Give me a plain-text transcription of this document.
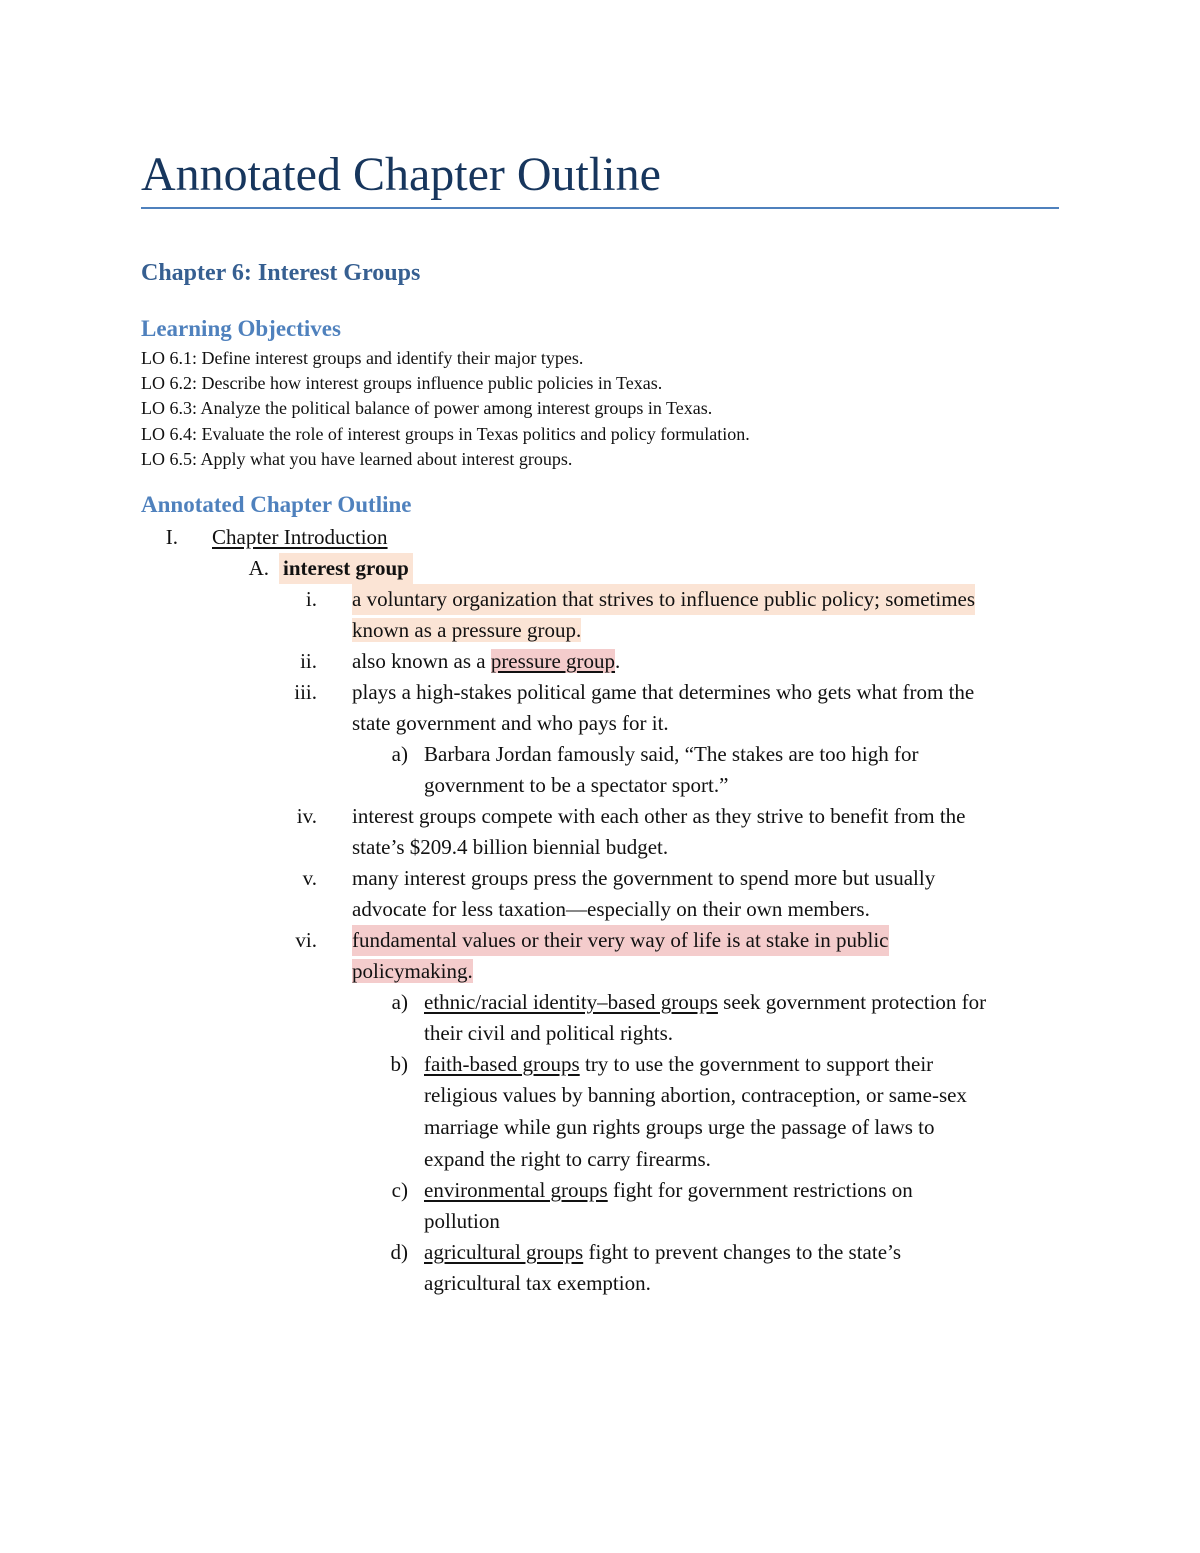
Annotated Chapter Outline
Chapter 6: Interest Groups
Learning Objectives
LO 6.1: Define interest groups and identify their major types.
LO 6.2: Describe how interest groups influence public policies in Texas.
LO 6.3: Analyze the political balance of power among interest groups in Texas.
LO 6.4: Evaluate the role of interest groups in Texas politics and policy formulation.
LO 6.5: Apply what you have learned about interest groups.
Annotated Chapter Outline
I. Chapter Introduction
A. interest group
i. a voluntary organization that strives to influence public policy; sometimes
known as a pressure group.
ii. also known as a pressure group.
iii. plays a high-stakes political game that determines who gets what from the
state government and who pays for it.
a) Barbara Jordan famously said, “The stakes are too high for
government to be a spectator sport.”
iv. interest groups compete with each other as they strive to benefit from the
state’s $209.4 billion biennial budget.
v. many interest groups press the government to spend more but usually
advocate for less taxation—especially on their own members.
vi. fundamental values or their very way of life is at stake in public
policymaking.
a) ethnic/racial identity–based groups seek government protection for
their civil and political rights.
b) faith-based groups try to use the government to support their
religious values by banning abortion, contraception, or same-sex
marriage while gun rights groups urge the passage of laws to
expand the right to carry firearms.
c) environmental groups fight for government restrictions on
pollution
d) agricultural groups fight to prevent changes to the state’s
agricultural tax exemption.
